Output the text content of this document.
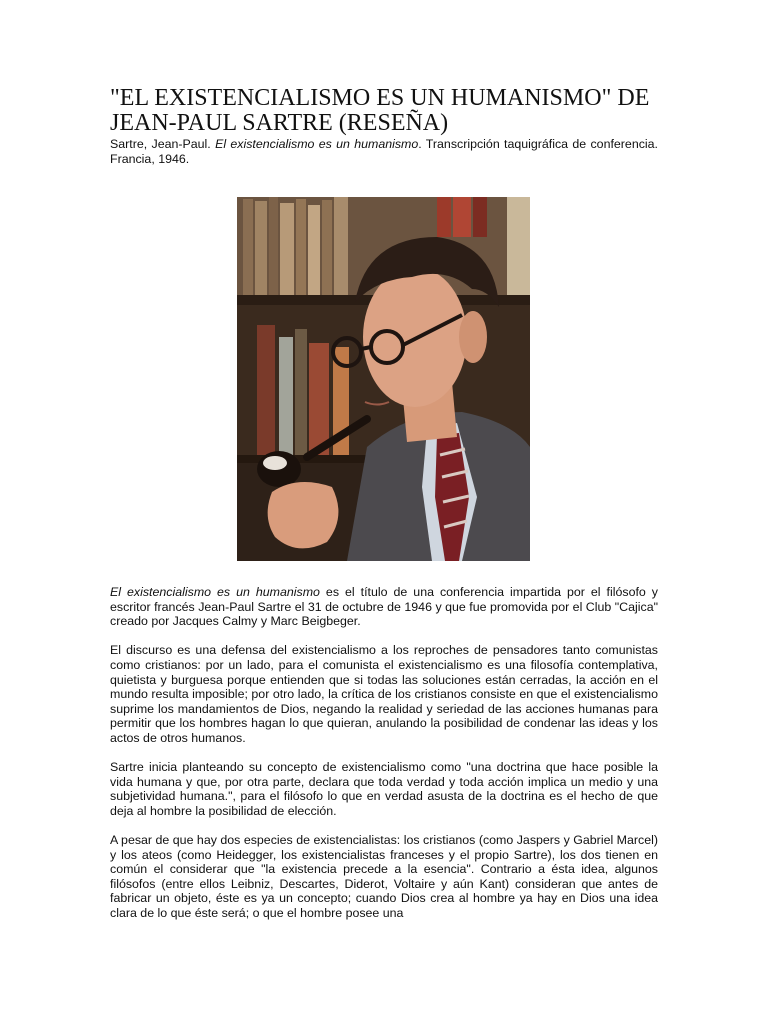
"EL EXISTENCIALISMO ES UN HUMANISMO" DE
JEAN-PAUL SARTRE (RESEÑA)
Sartre, Jean-Paul. El existencialismo es un humanismo. Transcripción taquigráfica de conferencia. Francia, 1946.

El existencialismo es un humanismo es el título de una conferencia impartida por el filósofo y escritor francés Jean-Paul Sartre el 31 de octubre de 1946 y que fue promovida por el Club "Cajica" creado por Jacques Calmy y Marc Beigbeger.

El discurso es una defensa del existencialismo a los reproches de pensadores tanto comunistas como cristianos: por un lado, para el comunista el existencialismo es una filosofía contemplativa, quietista y burguesa porque entienden que si todas las soluciones están cerradas, la acción en el mundo resulta imposible; por otro lado, la crítica de los cristianos consiste en que el existencialismo suprime los mandamientos de Dios, negando la realidad y seriedad de las acciones humanas para permitir que los hombres hagan lo que quieran, anulando la posibilidad de condenar las ideas y los actos de otros humanos.

Sartre inicia planteando su concepto de existencialismo como "una doctrina que hace posible la vida humana y que, por otra parte, declara que toda verdad y toda acción implica un medio y una subjetividad humana.", para el filósofo lo que en verdad asusta de la doctrina es el hecho de que deja al hombre la posibilidad de elección.

A pesar de que hay dos especies de existencialistas: los cristianos (como Jaspers y Gabriel Marcel) y los ateos (como Heidegger, los existencialistas franceses y el propio Sartre), los dos tienen en común el considerar que "la existencia precede a la esencia". Contrario a ésta idea, algunos filósofos (entre ellos Leibniz, Descartes, Diderot, Voltaire y aún Kant) consideran que antes de fabricar un objeto, éste es ya un concepto; cuando Dios crea al hombre ya hay en Dios una idea clara de lo que éste será; o que el hombre posee una
